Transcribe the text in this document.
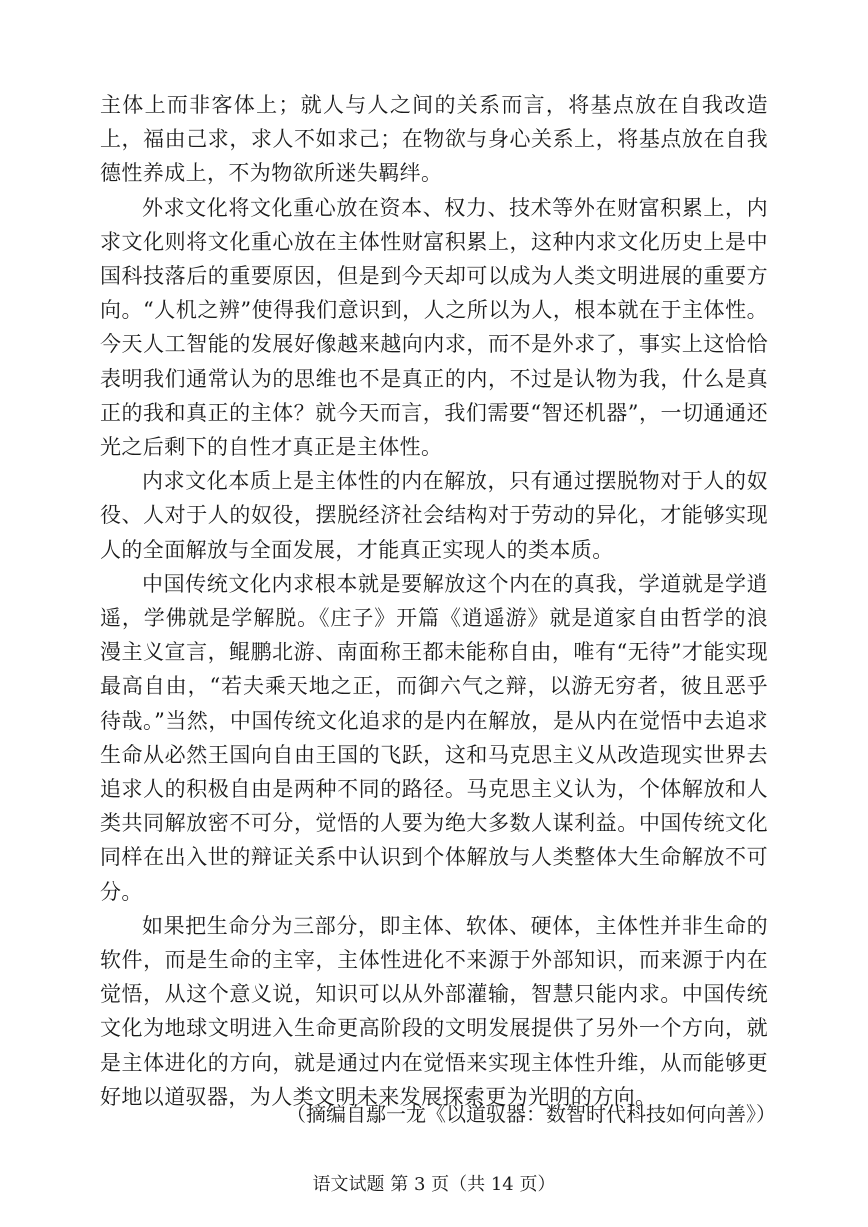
主体上而非客体上；就人与人之间的关系而言，将基点放在自我改造上，福由己求，求人不如求己；在物欲与身心关系上，将基点放在自我德性养成上，不为物欲所迷失羁绊。

外求文化将文化重心放在资本、权力、技术等外在财富积累上，内求文化则将文化重心放在主体性财富积累上，这种内求文化历史上是中国科技落后的重要原因，但是到今天却可以成为人类文明进展的重要方向。“人机之辨”使得我们意识到，人之所以为人，根本就在于主体性。今天人工智能的发展好像越来越向内求，而不是外求了，事实上这恰恰表明我们通常认为的思维也不是真正的内，不过是认物为我，什么是真正的我和真正的主体？就今天而言，我们需要“智还机器”，一切通通还光之后剩下的自性才真正是主体性。

内求文化本质上是主体性的内在解放，只有通过摆脱物对于人的奴役、人对于人的奴役，摆脱经济社会结构对于劳动的异化，才能够实现人的全面解放与全面发展，才能真正实现人的类本质。

中国传统文化内求根本就是要解放这个内在的真我，学道就是学逍遥，学佛就是学解脱。《庄子》开篇《逍遥游》就是道家自由哲学的浪漫主义宣言，鲲鹏北游、南面称王都未能称自由，唯有“无待”才能实现最高自由，“若夫乘天地之正，而御六气之辩，以游无穷者，彼且恶乎待哉。”当然，中国传统文化追求的是内在解放，是从内在觉悟中去追求生命从必然王国向自由王国的飞跃，这和马克思主义从改造现实世界去追求人的积极自由是两种不同的路径。马克思主义认为，个体解放和人类共同解放密不可分，觉悟的人要为绝大多数人谋利益。中国传统文化同样在出入世的辩证关系中认识到个体解放与人类整体大生命解放不可分。

如果把生命分为三部分，即主体、软体、硬体，主体性并非生命的软件，而是生命的主宰，主体性进化不来源于外部知识，而来源于内在觉悟，从这个意义说，知识可以从外部灌输，智慧只能内求。中国传统文化为地球文明进入生命更高阶段的文明发展提供了另外一个方向，就是主体进化的方向，就是通过内在觉悟来实现主体性升维，从而能够更好地以道驭器，为人类文明未来发展探索更为光明的方向。

（摘编自鄢一龙《以道驭器：数智时代科技如何向善》）
语文试题 第 3 页（共 14 页）
